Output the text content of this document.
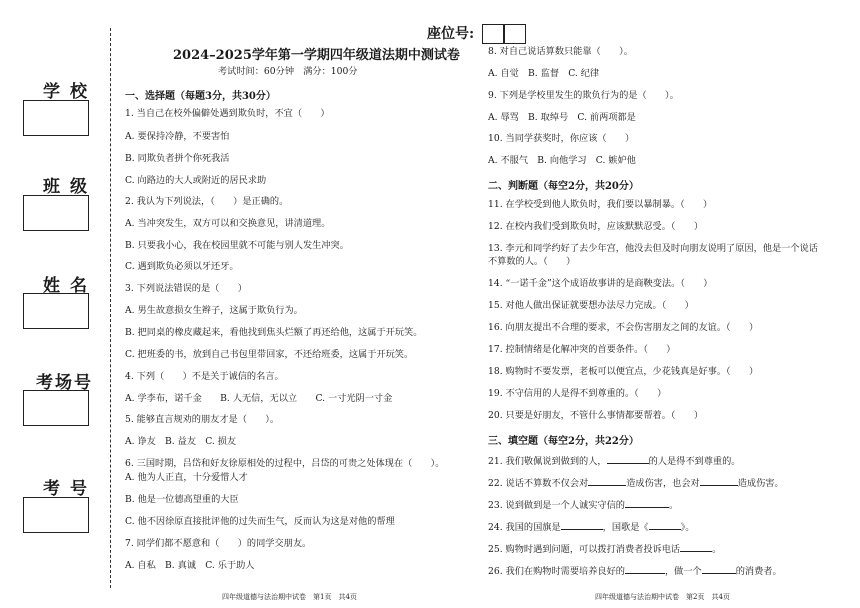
座位号:
学校
班级
姓名
考场号
考号
2024–2025学年第一学期四年级道法期中测试卷
考试时间：60分钟　满分：100分
一、选择题（每题3分，共30分）
1. 当自己在校外偏僻处遇到欺负时，不宜（　　）
A. 要保持冷静，不要害怕
B. 同欺负者拼个你死我活
C. 向路边的大人或附近的居民求助
2. 我认为下列说法，（　　）是正确的。
A. 当冲突发生，双方可以和交换意见，讲清道理。
B. 只要我小心，我在校园里就不可能与别人发生冲突。
C. 遇到欺负必须以牙还牙。
3. 下列说法错误的是（　　）
A. 男生故意损女生辫子，这属于欺负行为。
B. 把同桌的橡皮藏起来，看他找到焦头烂额了再还给他，这属于开玩笑。
C. 把班委的书，放到自己书包里带回家，不还给班委，这属于开玩笑。
4. 下列（　　）不是关于诚信的名言。
A. 学李布，诺千金　　B. 人无信，无以立　　C. 一寸光阴一寸金
5. 能够直言规劝的朋友才是（　　）。
A. 诤友　B. 益友　C. 损友
6. 三国时期，吕岱和好友徐原相处的过程中，吕岱的可贵之处体现在（　　）。
A. 他为人正直，十分爱惜人才
B. 他是一位德高望重的大臣
C. 他不因徐原直接批评他的过失而生气，反而认为这是对他的帮理
7. 同学们都不愿意和（　　）的同学交朋友。
A. 自私　B. 真诚　C. 乐于助人
8. 对自己说话算数只能靠（　　）。
A. 自觉　B. 监督　C. 纪律
9. 下列是学校里发生的欺负行为的是（　　）。
A. 辱骂　B. 取绰号　C. 前两项都是
10. 当同学获奖时，你应该（　　）
A. 不服气　B. 向他学习　C. 嫉妒他
二、判断题（每空2分，共20分）
11. 在学校受到他人欺负时，我们要以暴制暴。（　　）
12. 在校内我们受到欺负时，应该默默忍受。（　　）
13. 李元和同学约好了去少年宫，他没去但及时向朋友说明了原因，他是一个说话
不算数的人。（　　）
14. “一诺千金”这个成语故事讲的是商鞅变法。（　　）
15. 对他人做出保证就要想办法尽力完成。（　　）
16. 向朋友提出不合理的要求，不会伤害朋友之间的友谊。（　　）
17. 控制情绪是化解冲突的首要条件。（　　）
18. 购物时不要发票，老板可以便宜点，少花钱真是好事。（　　）
19. 不守信用的人是得不到尊重的。（　　）
20. 只要是好朋友，不管什么事情都要帮着。（　　）
三、填空题（每空2分，共22分）
21. 我们敬佩说到做到的人，	的人是得不到尊重的。
22. 说话不算数不仅会对	造成伤害，也会对	造成伤害。
23. 说到做到是一个人诚实守信的	。
24. 我国的国旗是	，国歌是《	》。
25. 购物时遇到问题，可以拨打消费者投诉电话	。
26. 我们在购物时需要培养良好的	，做一个	的消费者。
四年级道德与法治期中试卷　第1页　共4页	四年级道德与法治期中试卷　第2页　共4页
